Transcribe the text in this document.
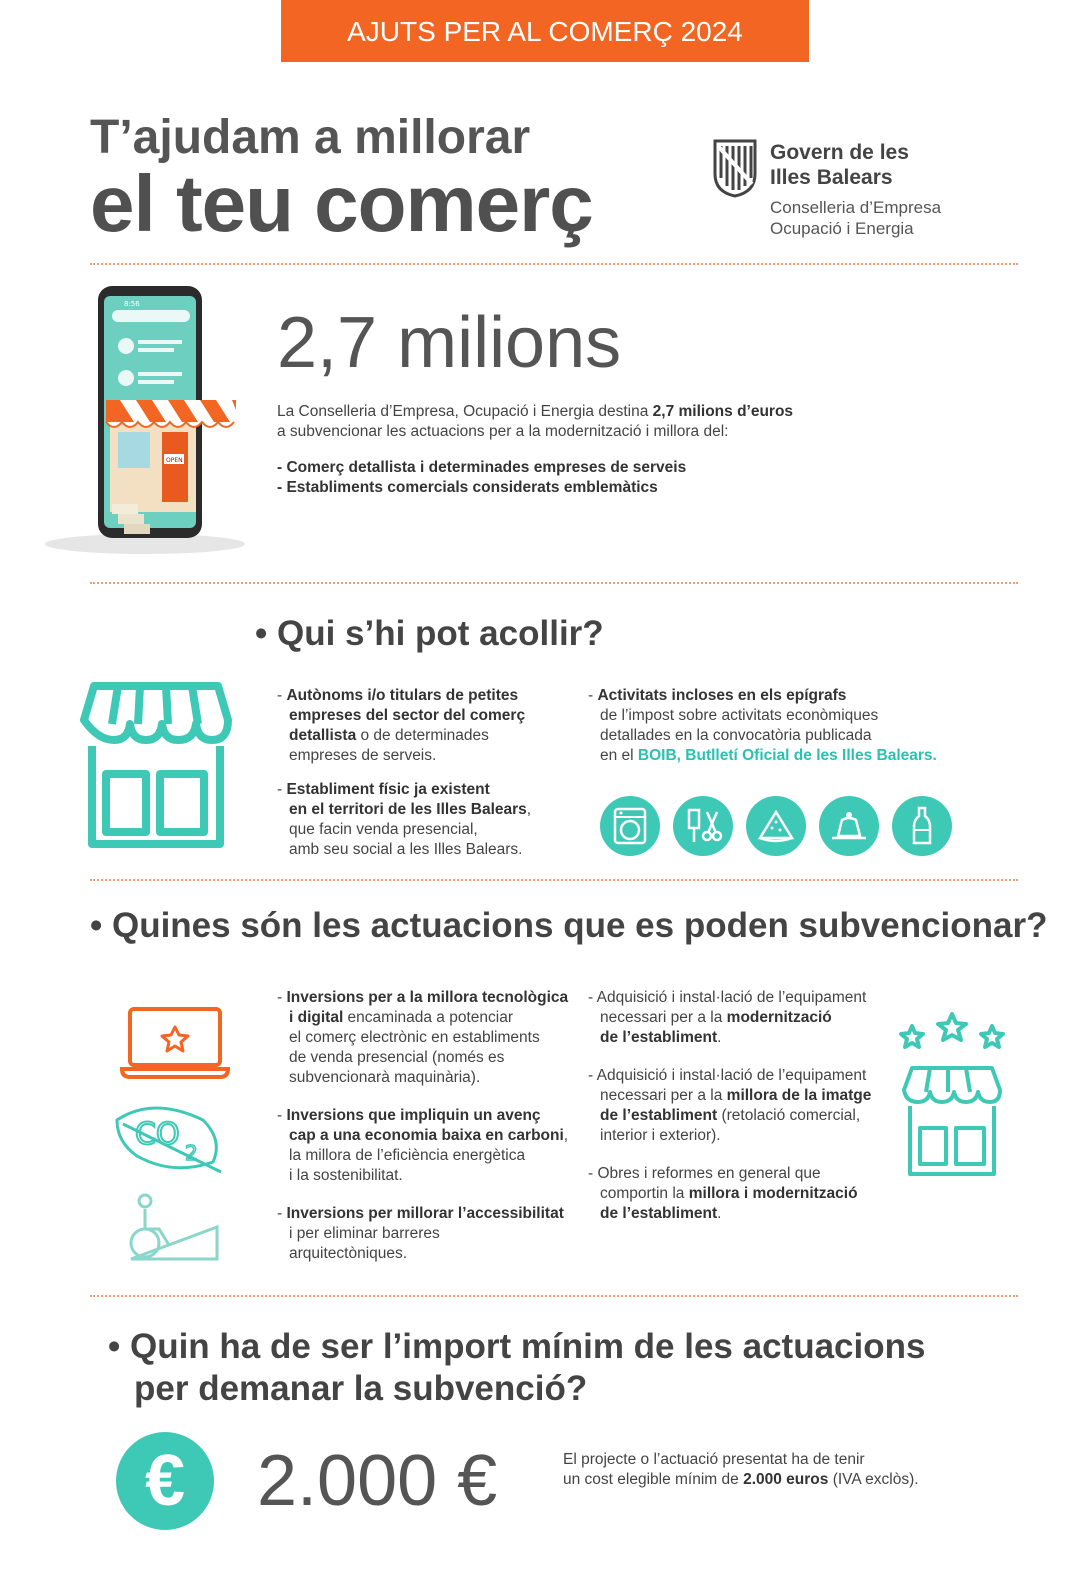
AJUTS PER AL COMERÇ 2024
T’ajudam a millorar
el teu comerç
Govern de les
Illes Balears
Conselleria d’Empresa
Ocupació i Energia
8:56
OPEN
2,7 milions
La Conselleria d’Empresa, Ocupació i Energia destina 2,7 milions d’euros
a subvencionar les actuacions per a la modernització i millora del:
- Comerç detallista i determinades empreses de serveis
- Establiments comercials considerats emblemàtics
• Qui s’hi pot acollir?
- Autònoms i/o titulars de petites

empreses del sector del comerç
detallista o de determinades
empreses de serveis.
- Establiment físic ja existent

en el territori de les Illes Balears,
que facin venda presencial,
amb seu social a les Illes Balears.
- Activitats incloses en els epígrafs

de l’impost sobre activitats econòmiques
detallades en la convocatòria publicada
en el BOIB, Butlletí Oficial de les Illes Balears.
• Quines són les actuacions que es poden subvencionar?
CO
2
- Inversions per a la millora tecnològica

i digital encaminada a potenciar
el comerç electrònic en establiments
de venda presencial (només es
subvencionarà maquinària).
- Inversions que impliquin un avenç

cap a una economia baixa en carboni,
la millora de l’eficiència energètica
i la sostenibilitat.
- Inversions per millorar l’accessibilitat

i per eliminar barreres
arquitectòniques.
- Adquisició i instal·lació de l’equipament

necessari per a la modernització
de l’establiment.
- Adquisició i instal·lació de l’equipament

necessari per a la millora de la imatge
de l’establiment (retolació comercial,
interior i exterior).
- Obres i reformes en general que

comportin la millora i modernització
de l’establiment.
• Quin ha de ser l’import mínim de les actuacions
per demanar la subvenció?
€ 2.000 €	El projecte o l’actuació presentat ha de tenir
un cost elegible mínim de 2.000 euros (IVA exclòs).
